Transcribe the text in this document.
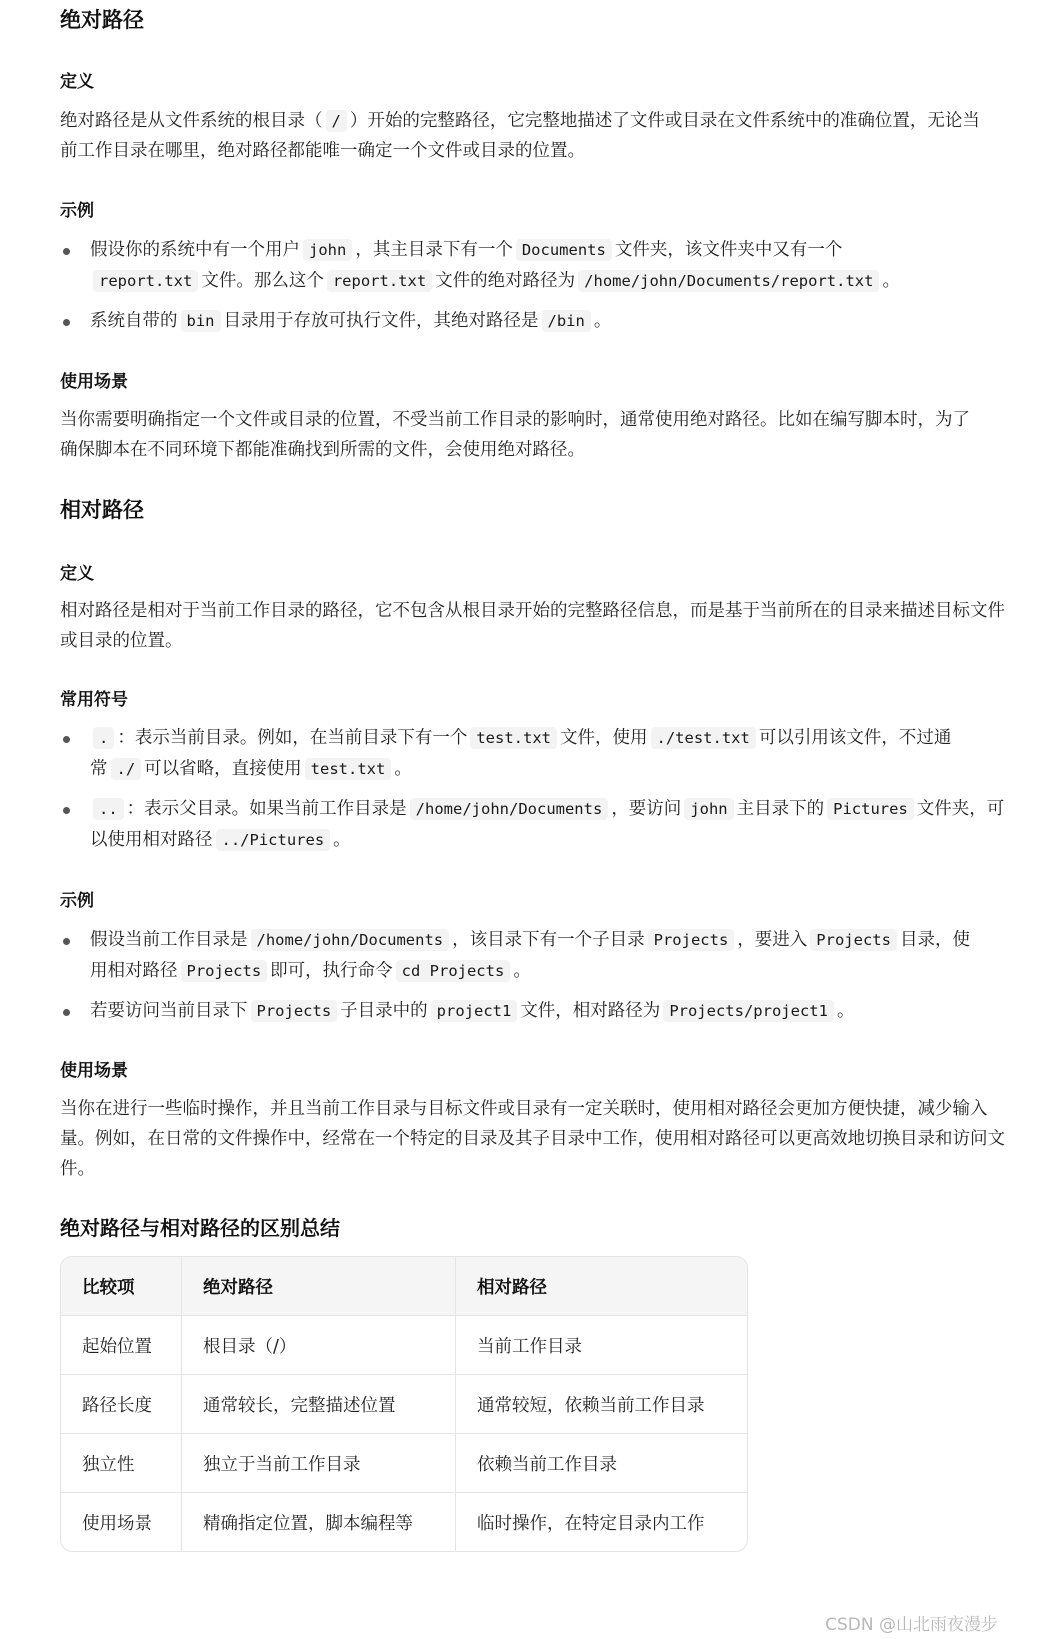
绝对路径
定义

绝对路径是从文件系统的根目录（ / ）开始的完整路径，它完整地描述了文件或目录在文件系统中的准确位置，无论当前工作目录在哪里，绝对路径都能唯一确定一个文件或目录的位置。

示例
假设你的系统中有一个用户 john ，其主目录下有一个 Documents 文件夹，该文件夹中又有一个report.txt 文件。那么这个 report.txt 文件的绝对路径为 /home/john/Documents/report.txt 。
系统自带的 bin 目录用于存放可执行文件，其绝对路径是 /bin 。
使用场景

当你需要明确指定一个文件或目录的位置，不受当前工作目录的影响时，通常使用绝对路径。比如在编写脚本时，为了确保脚本在不同环境下都能准确找到所需的文件，会使用绝对路径。

相对路径
定义

相对路径是相对于当前工作目录的路径，它不包含从根目录开始的完整路径信息，而是基于当前所在的目录来描述目标文件或目录的位置。

常用符号
. ：表示当前目录。例如，在当前目录下有一个 test.txt 文件，使用 ./test.txt 可以引用该文件，不过通常 ./ 可以省略，直接使用 test.txt 。
.. ：表示父目录。如果当前工作目录是 /home/john/Documents ，要访问 john 主目录下的 Pictures 文件夹，可以使用相对路径 ../Pictures 。
示例
假设当前工作目录是 /home/john/Documents ，该目录下有一个子目录 Projects ，要进入 Projects 目录，使用相对路径 Projects 即可，执行命令 cd Projects 。
若要访问当前目录下 Projects 子目录中的 project1 文件，相对路径为 Projects/project1 。
使用场景

当你在进行一些临时操作，并且当前工作目录与目标文件或目录有一定关联时，使用相对路径会更加方便快捷，减少输入量。例如，在日常的文件操作中，经常在一个特定的目录及其子目录中工作，使用相对路径可以更高效地切换目录和访问文件。

绝对路径与相对路径的区别总结
比较项	绝对路径	相对路径
起始位置	根目录（/）	当前工作目录
路径长度	通常较长，完整描述位置	通常较短，依赖当前工作目录
独立性	独立于当前工作目录	依赖当前工作目录
使用场景	精确指定位置，脚本编程等	临时操作，在特定目录内工作
CSDN @山北雨夜漫步
